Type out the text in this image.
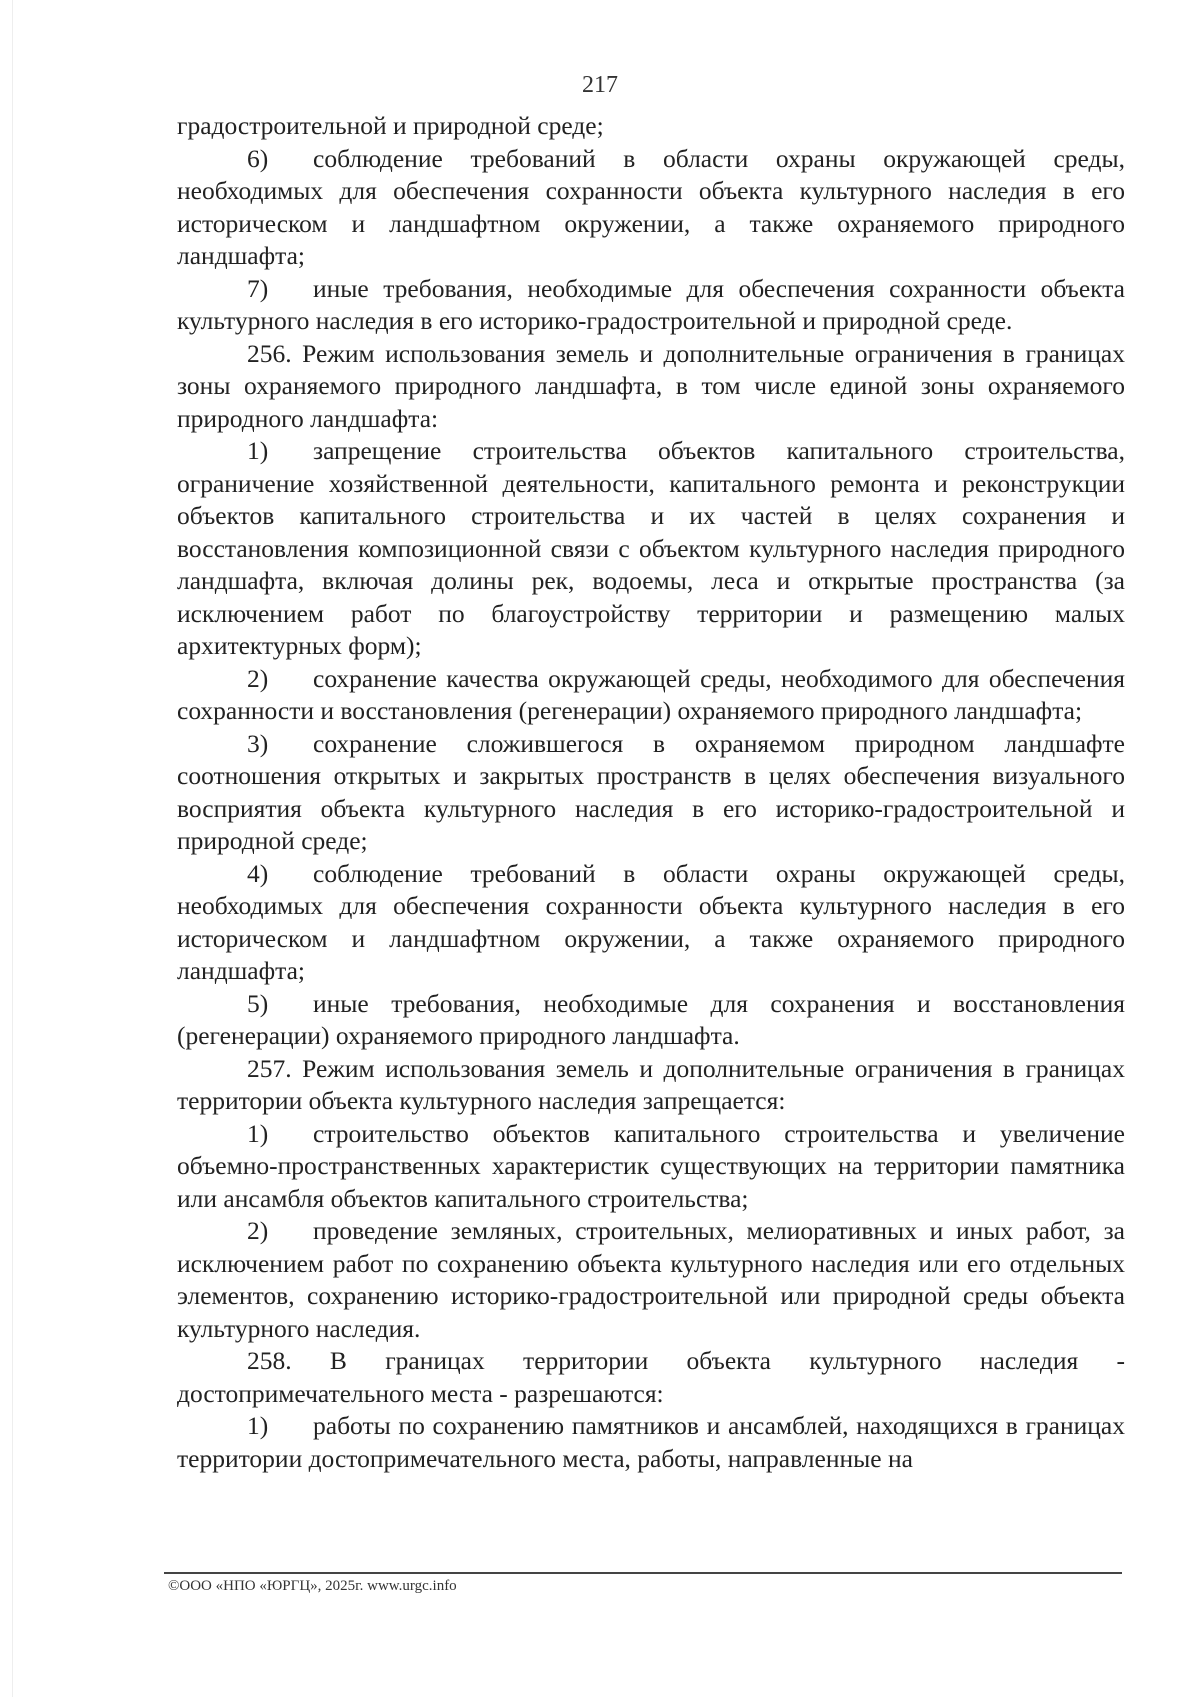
217

градостроительной и природной среде;

6) соблюдение требований в области охраны окружающей среды, необходимых для обеспечения сохранности объекта культурного наследия в его историческом и ландшафтном окружении, а также охраняемого природного ландшафта;

7) иные требования, необходимые для обеспечения сохранности объекта культурного наследия в его историко-градостроительной и природной среде.

256. Режим использования земель и дополнительные ограничения в границах зоны охраняемого природного ландшафта, в том числе единой зоны охраняемого природного ландшафта:

1) запрещение строительства объектов капитального строительства, ограничение хозяйственной деятельности, капитального ремонта и реконструкции объектов капитального строительства и их частей в целях сохранения и восстановления композиционной связи с объектом культурного наследия природного ландшафта, включая долины рек, водоемы, леса и открытые пространства (за исключением работ по благоустройству территории и размещению малых архитектурных форм);

2) сохранение качества окружающей среды, необходимого для обеспечения сохранности и восстановления (регенерации) охраняемого природного ландшафта;

3) сохранение сложившегося в охраняемом природном ландшафте соотношения открытых и закрытых пространств в целях обеспечения визуального восприятия объекта культурного наследия в его историко-градостроительной и природной среде;

4) соблюдение требований в области охраны окружающей среды, необходимых для обеспечения сохранности объекта культурного наследия в его историческом и ландшафтном окружении, а также охраняемого природного ландшафта;

5) иные требования, необходимые для сохранения и восстановления (регенерации) охраняемого природного ландшафта.

257. Режим использования земель и дополнительные ограничения в границах территории объекта культурного наследия запрещается:

1) строительство объектов капитального строительства и увеличение объемно-пространственных характеристик существующих на территории памятника или ансамбля объектов капитального строительства;

2) проведение земляных, строительных, мелиоративных и иных работ, за исключением работ по сохранению объекта культурного наследия или его отдельных элементов, сохранению историко-градостроительной или природной среды объекта культурного наследия.

258. В границах территории объекта культурного наследия - достопримечательного места - разрешаются:

1) работы по сохранению памятников и ансамблей, находящихся в границах территории достопримечательного места, работы, направленные на

©ООО «НПО «ЮРГЦ», 2025г. www.urgc.info
